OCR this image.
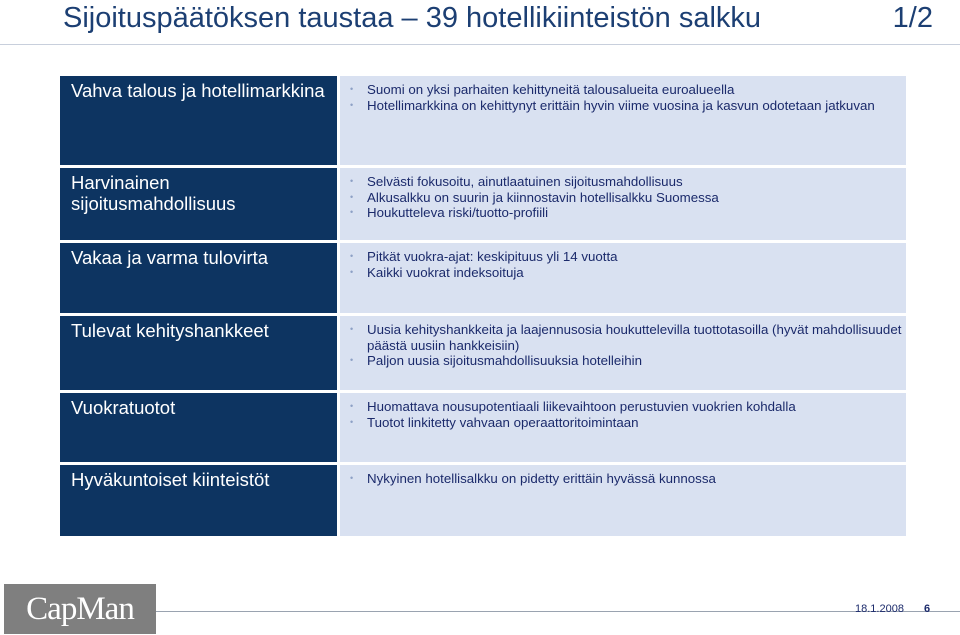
Sijoituspäätöksen taustaa – 39 hotellikiinteistön salkku	1/2
Vahva talous ja hotellimarkkina	• Suomi on yksi parhaiten kehittyneitä talousalueita euroalueella
• Hotellimarkkina on kehittynyt erittäin hyvin viime vuosina ja kasvun odotetaan jatkuvan
Harvinainen sijoitusmahdollisuus
• Selvästi fokusoitu, ainutlaatuinen sijoitusmahdollisuus
• Alkusalkku on suurin ja kiinnostavin hotellisalkku Suomessa
• Houkutteleva riski/tuotto-profiili
Vakaa ja varma tulovirta	• Pitkät vuokra-ajat: keskipituus yli 14 vuotta
• Kaikki vuokrat indeksoituja
Tulevat kehityshankkeet	• Uusia kehityshankkeita ja laajennusosia houkuttelevilla tuottotasoilla (hyvät mahdollisuudet päästä uusiin hankkeisiin)
• Paljon uusia sijoitusmahdollisuuksia hotelleihin
Vuokratuotot	• Huomattava nousupotentiaali liikevaihtoon perustuvien vuokrien kohdalla
• Tuotot linkitetty vahvaan operaattoritoimintaan
Hyväkuntoiset kiinteistöt	• Nykyinen hotellisalkku on pidetty erittäin hyvässä kunnossa
CapMan	18.1.2008 6
